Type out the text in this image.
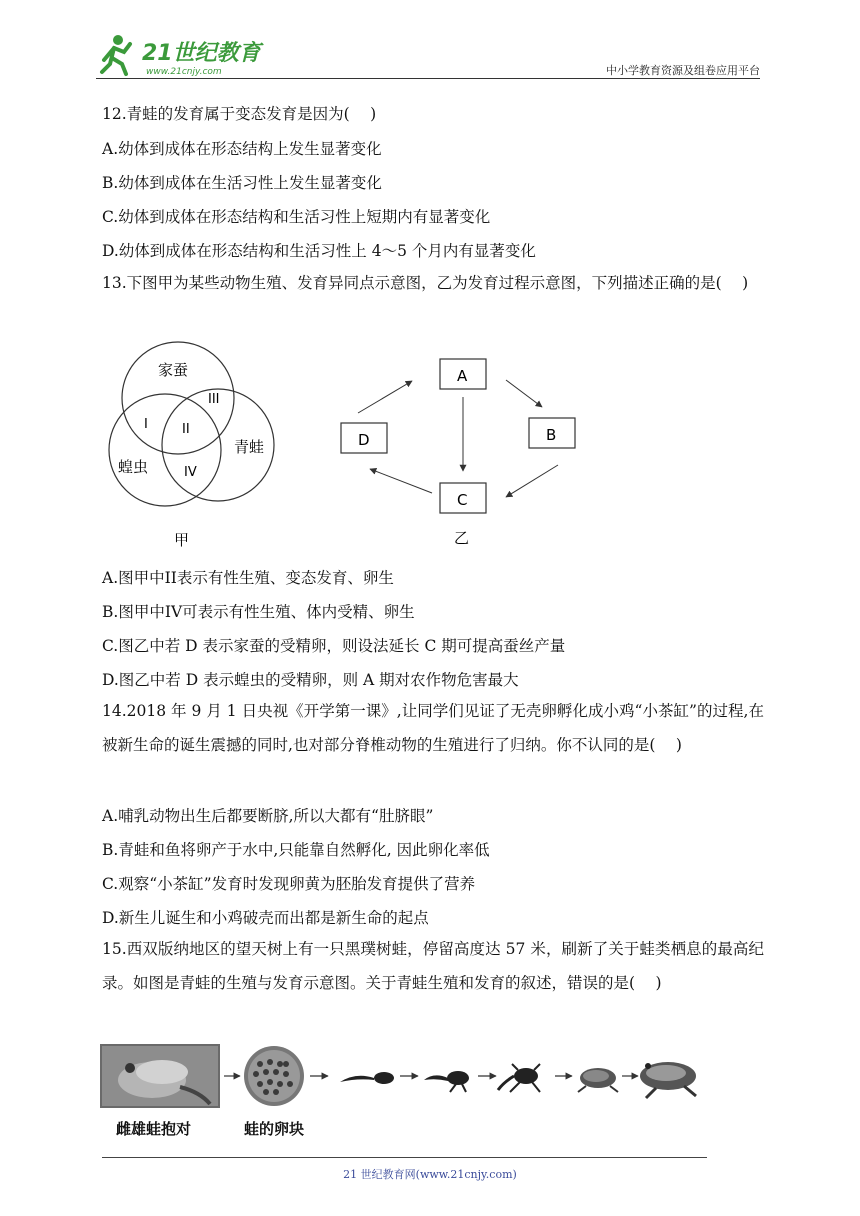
21世纪教育
www.21cnjy.com	中小学教育资源及组卷应用平台
12.青蛙的发育属于变态发育是因为(　 )
A.幼体到成体在形态结构上发生显著变化
B.幼体到成体在生活习性上发生显著变化
C.幼体到成体在形态结构和生活习性上短期内有显著变化
D.幼体到成体在形态结构和生活习性上 4～5 个月内有显著变化
13.下图甲为某些动物生殖、发育异同点示意图，乙为发育过程示意图，下列描述正确的是(　 )
家蚕
蝗虫
青蛙
I	II
III
IV
甲
A
B
C
D
乙
A.图甲中II表示有性生殖、变态发育、卵生
B.图甲中IV可表示有性生殖、体内受精、卵生
C.图乙中若 D 表示家蚕的受精卵，则设法延长 C 期可提高蚕丝产量
D.图乙中若 D 表示蝗虫的受精卵，则 A 期对农作物危害最大
14.2018 年 9 月 1 日央视《开学第一课》,让同学们见证了无壳卵孵化成小鸡“小茶缸”的过程,在被新生命的诞生震撼的同时,也对部分脊椎动物的生殖进行了归纳。你不认同的是(　 )
A.哺乳动物出生后都要断脐,所以大都有“肚脐眼”
B.青蛙和鱼将卵产于水中,只能靠自然孵化, 因此卵化率低
C.观察“小茶缸”发育时发现卵黄为胚胎发育提供了营养
D.新生儿诞生和小鸡破壳而出都是新生命的起点
15.西双版纳地区的望天树上有一只黑璞树蛙，停留高度达 57 米，刷新了关于蛙类栖息的最高纪录。如图是青蛙的生殖与发育示意图。关于青蛙生殖和发育的叙述，错误的是(　 )
雌雄蛙抱对	蛙的卵块
21 世纪教育网(www.21cnjy.com)
